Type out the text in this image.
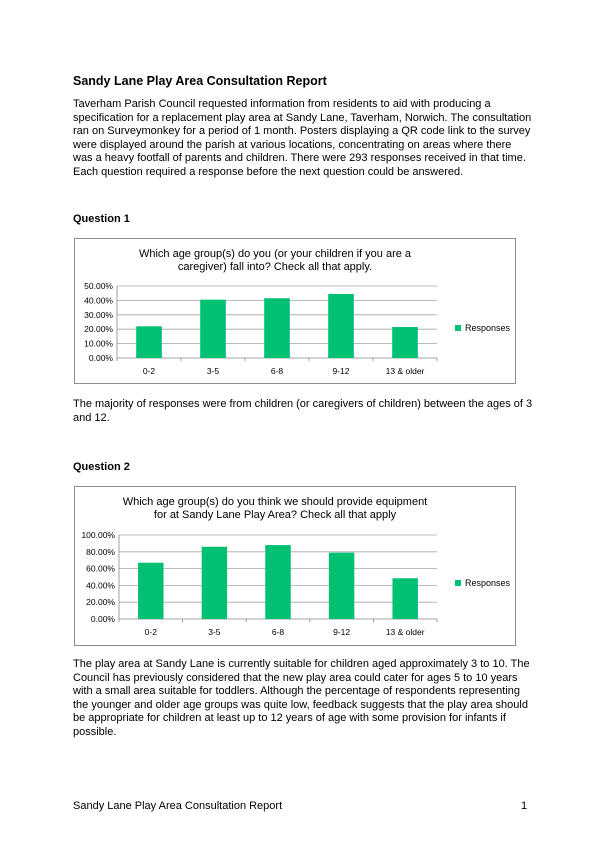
Sandy Lane Play Area Consultation Report
Taverham Parish Council requested information from residents to aid with producing a specification for a replacement play area at Sandy Lane, Taverham, Norwich. The consultation ran on Surveymonkey for a period of 1 month. Posters displaying a QR code link to the survey were displayed around the parish at various locations, concentrating on areas where there was a heavy footfall of parents and children. There were 293 responses received in that time. Each question required a response before the next question could be answered.
Question 1
Which age group(s) do you (or your children if you are a caregiver) fall into? Check all that apply.
0.00%
10.00%
20.00%
30.00%
40.00%
50.00%
0-2	3-5	6-8	9-12	13 & older
Responses
The majority of responses were from children (or caregivers of children) between the ages of 3 and 12.
Question 2
Which age group(s) do you think we should provide equipment for at Sandy Lane Play Area? Check all that apply
0.00%
20.00%
40.00%
60.00%
80.00%
100.00%
0-2	3-5	6-8	9-12	13 & older
Responses
The play area at Sandy Lane is currently suitable for children aged approximately 3 to 10. The Council has previously considered that the new play area could cater for ages 5 to 10 years with a small area suitable for toddlers. Although the percentage of respondents representing the younger and older age groups was quite low, feedback suggests that the play area should be appropriate for children at least up to 12 years of age with some provision for infants if possible.
Sandy Lane Play Area Consultation Report	1
